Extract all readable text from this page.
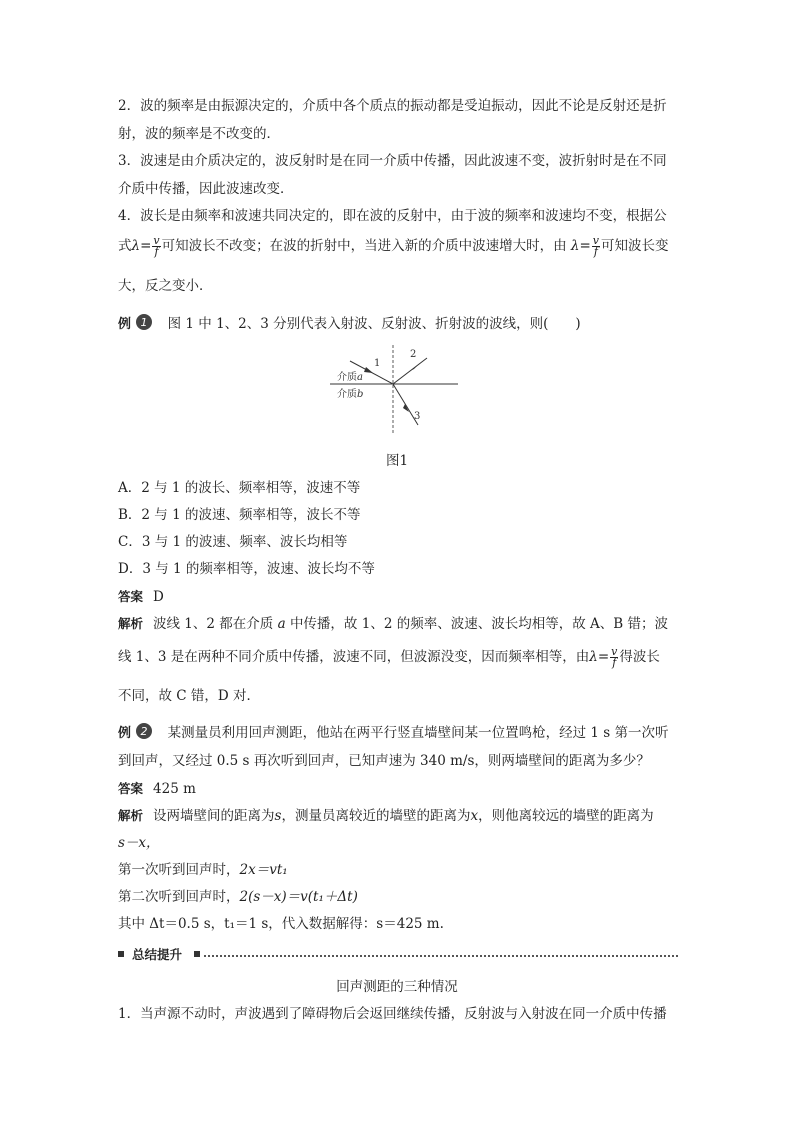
2．波的频率是由振源决定的，介质中各个质点的振动都是受迫振动，因此不论是反射还是折
射，波的频率是不改变的．
3．波速是由介质决定的，波反射时是在同一介质中传播，因此波速不变，波折射时是在不同
介质中传播，因此波速改变．
4．波长是由频率和波速共同决定的，即在波的反射中，由于波的频率和波速均不变，根据公
式$\lambda= \frac{v}{f}$ 可知波长不改变；在波的折射中，当进入新的介质中波速增大时，由 $\lambda= \frac{v}{f}$ 可知波长变
大，反之变小．
例 1 图 1 中 1、2、3 分别代表入射波、反射波、折射波的波线，则(　　)
1
2
3
介质a
介质b
图1
A．2 与 1 的波长、频率相等，波速不等
B．2 与 1 的波速、频率相等，波长不等
C．3 与 1 的波速、频率、波长均相等
D．3 与 1 的频率相等，波速、波长均不等
答案 D
解析 波线 1、2 都在介质 a 中传播，故 1、2 的频率、波速、波长均相等，故 A、B 错；波
线 1、3 是在两种不同介质中传播，波速不同，但波源没变，因而频率相等，由$\lambda= \frac{v}{f}$ 得波长
不同，故 C 错，D 对．
例 2 某测量员利用回声测距，他站在两平行竖直墙壁间某一位置鸣枪，经过 1 s 第一次听
到回声，又经过 0.5 s 再次听到回声，已知声速为 340 m/s，则两墙壁间的距离为多少？
答案 425 m
解析 设两墙壁间的距离为s，测量员离较近的墙壁的距离为x，则他离较远的墙壁的距离为
s－x，
第一次听到回声时，2x＝vt₁
第二次听到回声时，2(s－x)＝v(t₁＋Δt)
其中 Δt＝0.5 s，t₁＝1 s，代入数据解得：s＝425 m.
总结提升
回声测距的三种情况
1．当声源不动时，声波遇到了障碍物后会返回继续传播，反射波与入射波在同一介质中传播
